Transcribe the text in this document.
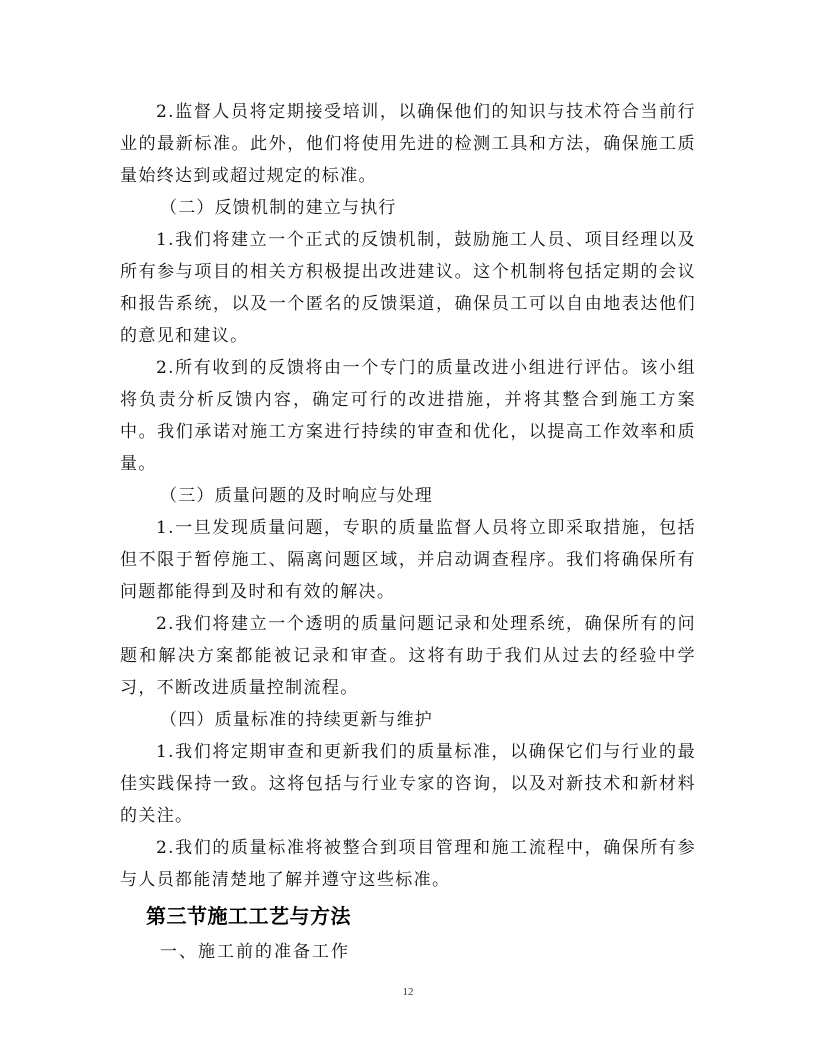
2.监督人员将定期接受培训，以确保他们的知识与技术符合当前行业的最新标准。此外，他们将使用先进的检测工具和方法，确保施工质量始终达到或超过规定的标准。

（二）反馈机制的建立与执行

1.我们将建立一个正式的反馈机制，鼓励施工人员、项目经理以及所有参与项目的相关方积极提出改进建议。这个机制将包括定期的会议和报告系统，以及一个匿名的反馈渠道，确保员工可以自由地表达他们的意见和建议。

2.所有收到的反馈将由一个专门的质量改进小组进行评估。该小组将负责分析反馈内容，确定可行的改进措施，并将其整合到施工方案中。我们承诺对施工方案进行持续的审查和优化，以提高工作效率和质量。

（三）质量问题的及时响应与处理

1.一旦发现质量问题，专职的质量监督人员将立即采取措施，包括但不限于暂停施工、隔离问题区域，并启动调查程序。我们将确保所有问题都能得到及时和有效的解决。

2.我们将建立一个透明的质量问题记录和处理系统，确保所有的问题和解决方案都能被记录和审查。这将有助于我们从过去的经验中学习，不断改进质量控制流程。

（四）质量标准的持续更新与维护

1.我们将定期审查和更新我们的质量标准，以确保它们与行业的最佳实践保持一致。这将包括与行业专家的咨询，以及对新技术和新材料的关注。

2.我们的质量标准将被整合到项目管理和施工流程中，确保所有参与人员都能清楚地了解并遵守这些标准。

第三节施工工艺与方法

一、施工前的准备工作

12
